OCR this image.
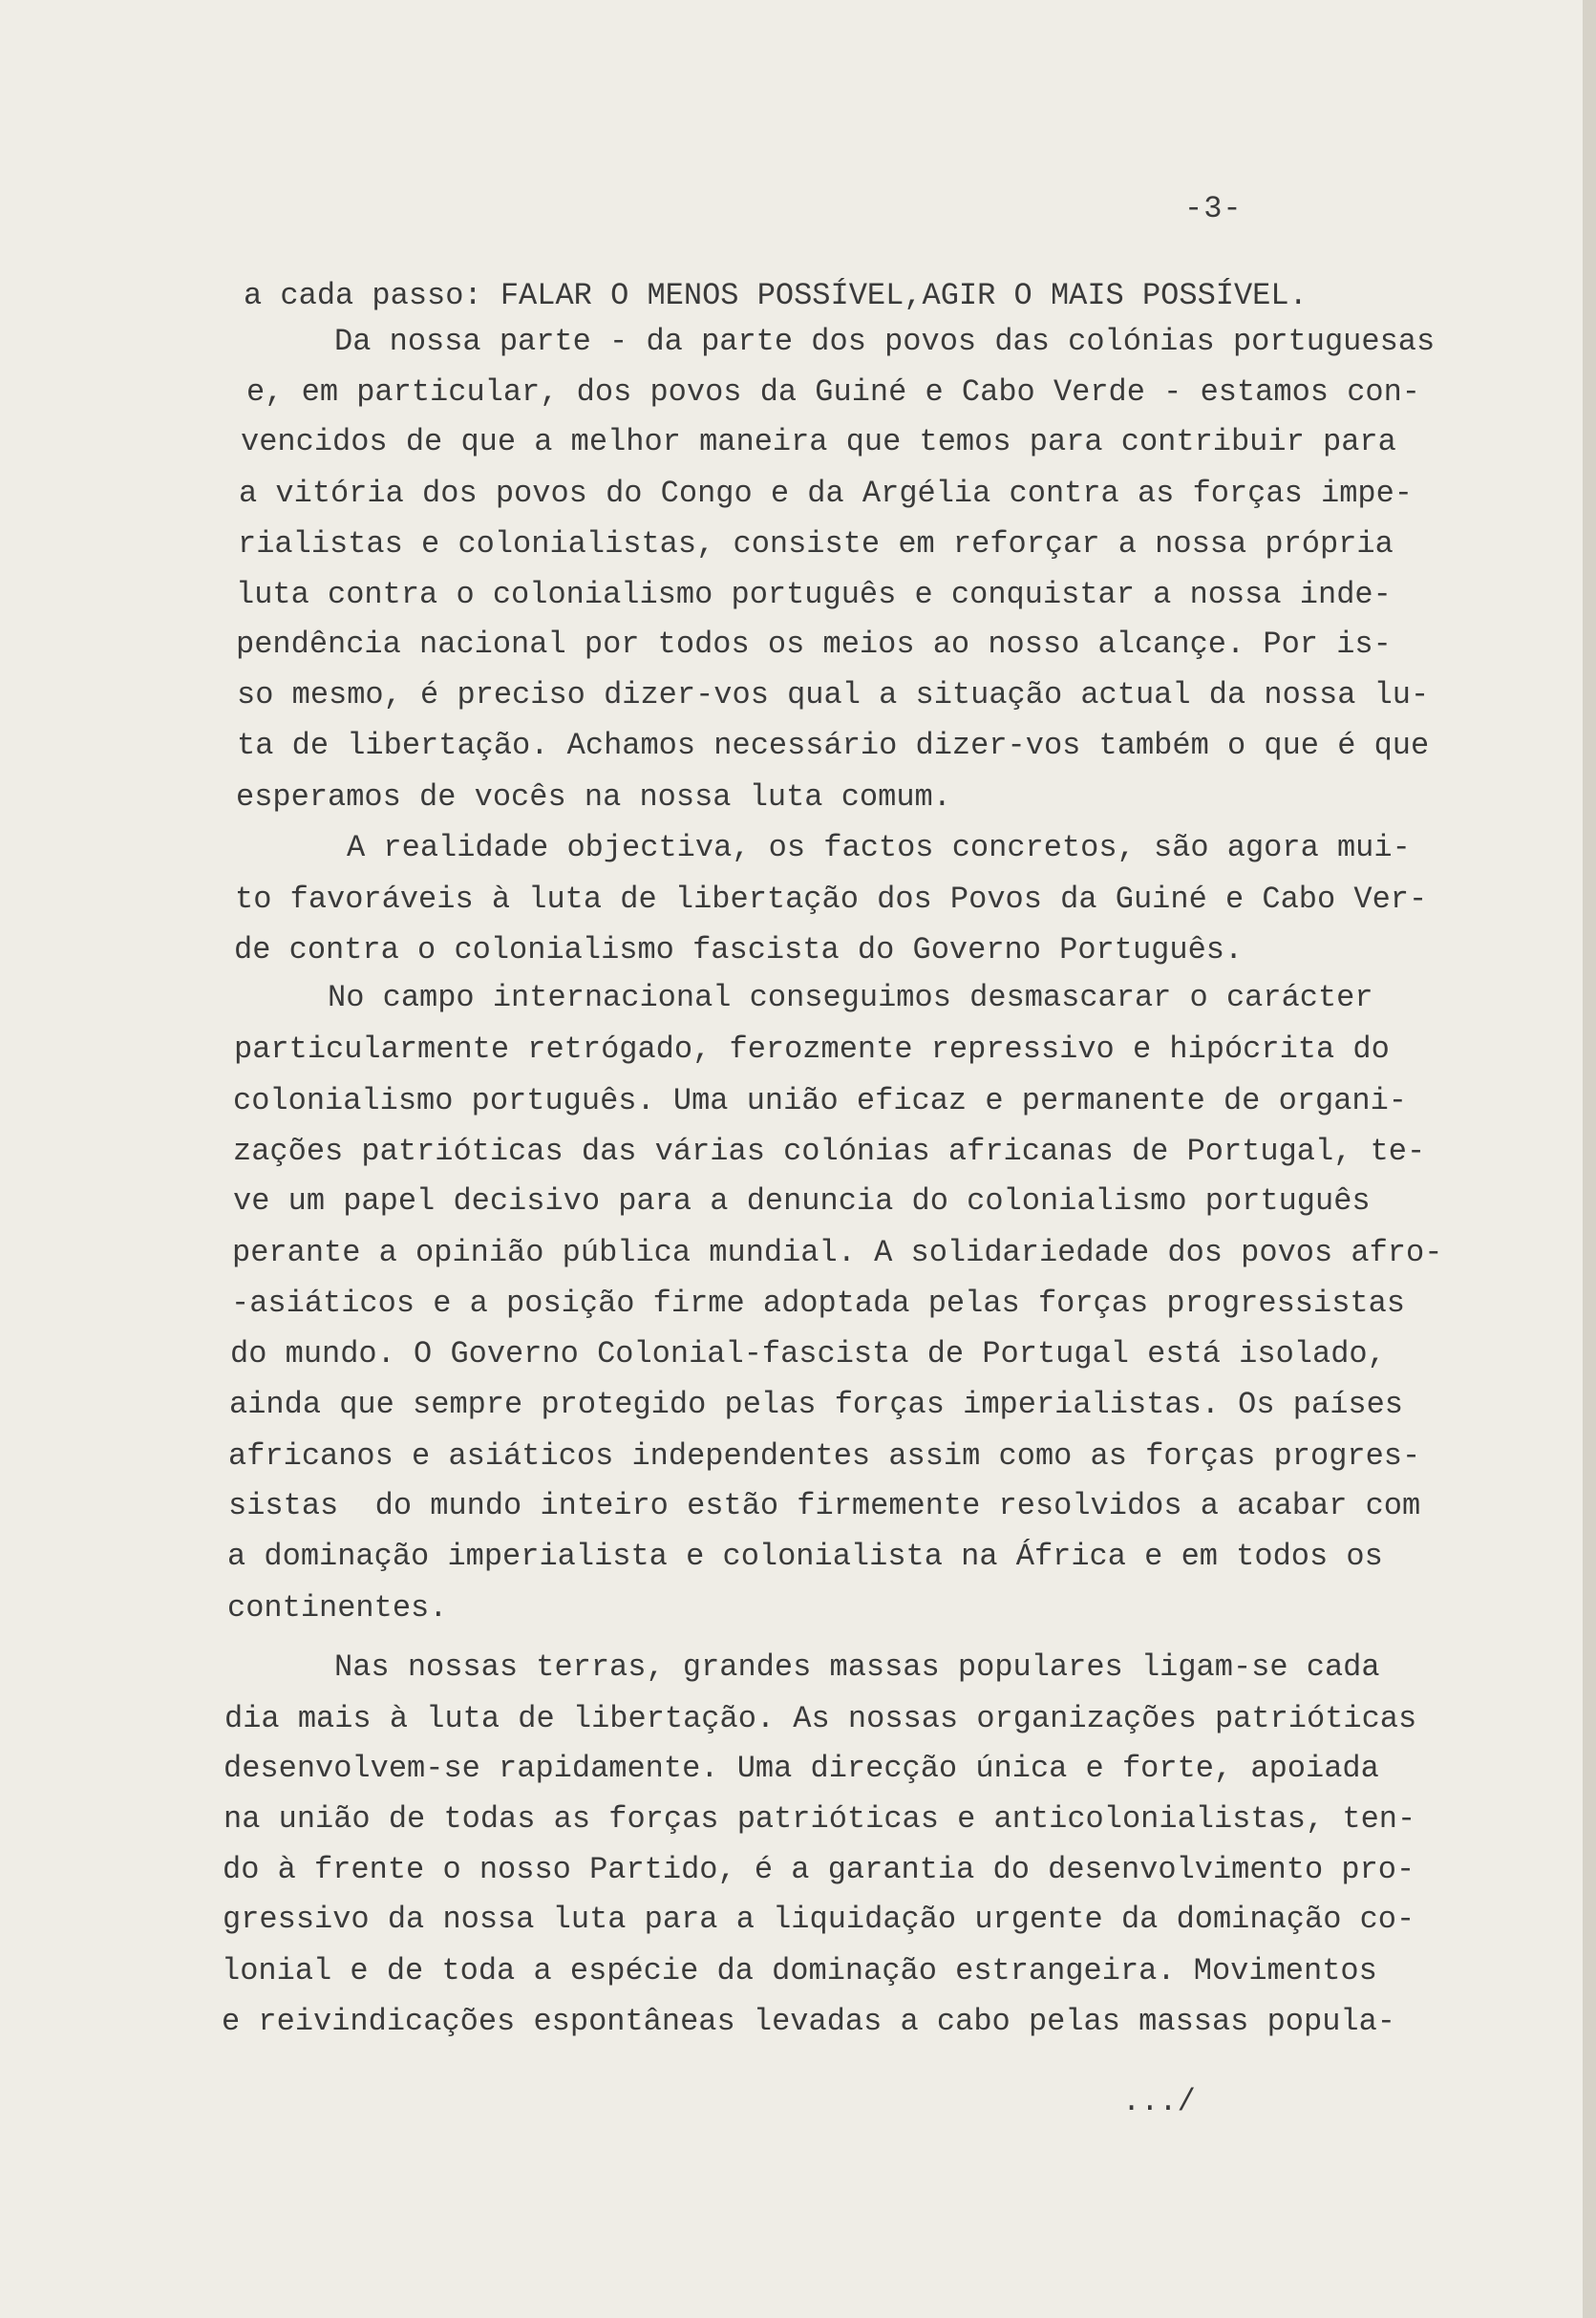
-3-
a cada passo: FALAR O MENOS POSSÍVEL,AGIR O MAIS POSSÍVEL.
Da nossa parte - da parte dos povos das colónias portuguesas
e, em particular, dos povos da Guiné e Cabo Verde - estamos con-
vencidos de que a melhor maneira que temos para contribuir para
a vitória dos povos do Congo e da Argélia contra as forças impe-
rialistas e colonialistas, consiste em reforçar a nossa própria
luta contra o colonialismo português e conquistar a nossa inde-
pendência nacional por todos os meios ao nosso alcançe. Por is-
so mesmo, é preciso dizer-vos qual a situação actual da nossa lu-
ta de libertação. Achamos necessário dizer-vos também o que é que
esperamos de vocês na nossa luta comum.
A realidade objectiva, os factos concretos, são agora mui-
to favoráveis à luta de libertação dos Povos da Guiné e Cabo Ver-
de contra o colonialismo fascista do Governo Português.
No campo internacional conseguimos desmascarar o carácter
particularmente retrógado, ferozmente repressivo e hipócrita do
colonialismo português. Uma união eficaz e permanente de organi-
zações patrióticas das várias colónias africanas de Portugal, te-
ve um papel decisivo para a denuncia do colonialismo português
perante a opinião pública mundial. A solidariedade dos povos afro-
-asiáticos e a posição firme adoptada pelas forças progressistas
do mundo. O Governo Colonial-fascista de Portugal está isolado,
ainda que sempre protegido pelas forças imperialistas. Os países
africanos e asiáticos independentes assim como as forças progres-
sistas  do mundo inteiro estão firmemente resolvidos a acabar com
a dominação imperialista e colonialista na África e em todos os
continentes.
Nas nossas terras, grandes massas populares ligam-se cada
dia mais à luta de libertação. As nossas organizações patrióticas
desenvolvem-se rapidamente. Uma direcção única e forte, apoiada
na união de todas as forças patrióticas e anticolonialistas, ten-
do à frente o nosso Partido, é a garantia do desenvolvimento pro-
gressivo da nossa luta para a liquidação urgente da dominação co-
lonial e de toda a espécie da dominação estrangeira. Movimentos
e reivindicações espontâneas levadas a cabo pelas massas popula-
.../
